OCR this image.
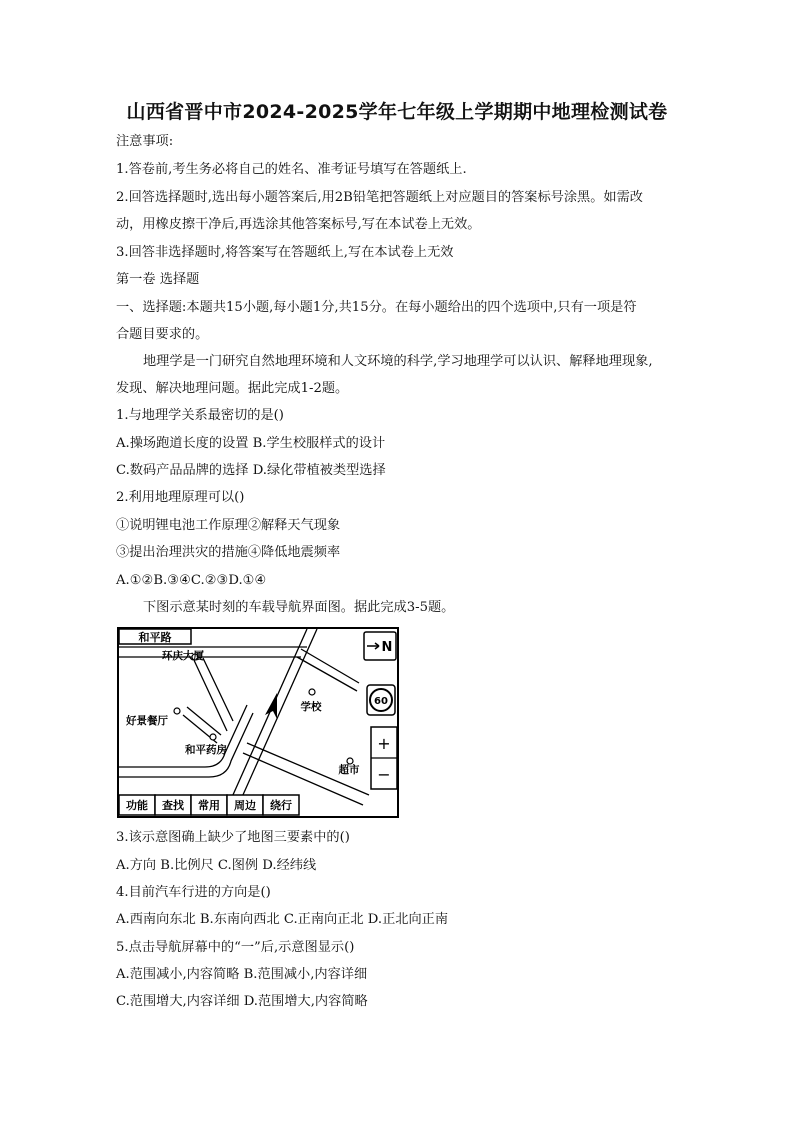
山西省晋中市2024-2025学年七年级上学期期中地理检测试卷
注意事项:
1.答卷前,考生务必将自己的姓名、准考证号填写在答题纸上.
2.回答选择题时,选出每小题答案后,用2B铅笔把答题纸上对应题目的答案标号涂黑。如需改
动，用橡皮擦干净后,再选涂其他答案标号,写在本试卷上无效。
3.回答非选择题时,将答案写在答题纸上,写在本试卷上无效
第一卷 选择题
一、选择题:本题共15小题,每小题1分,共15分。在每小题给出的四个选项中,只有一项是符
合题目要求的。
地理学是一门研究自然地理环境和人文环境的科学,学习地理学可以认识、解释地理现象,
发现、解决地理问题。据此完成1-2题。
1.与地理学关系最密切的是()
A.操场跑道长度的设置 B.学生校服样式的设计
C.数码产品品牌的选择 D.绿化带植被类型选择
2.利用地理原理可以()
①说明锂电池工作原理②解释天气现象
③提出治理洪灾的措施④降低地震频率
A.①②B.③④C.②③D.①④
下图示意某时刻的车载导航界面图。据此完成3-5题。
和平路
环庆大厦
好景餐厅
和平药房
学校
超市
N
60
+
−
功能 查找 常用 周边 绕行
3.该示意图确上缺少了地图三要素中的()
A.方向 B.比例尺 C.图例 D.经纬线
4.目前汽车行进的方向是()
A.西南向东北 B.东南向西北 C.正南向正北 D.正北向正南
5.点击导航屏幕中的“一”后,示意图显示()
A.范围减小,内容简略 B.范围减小,内容详细
C.范围增大,内容详细 D.范围增大,内容简略
